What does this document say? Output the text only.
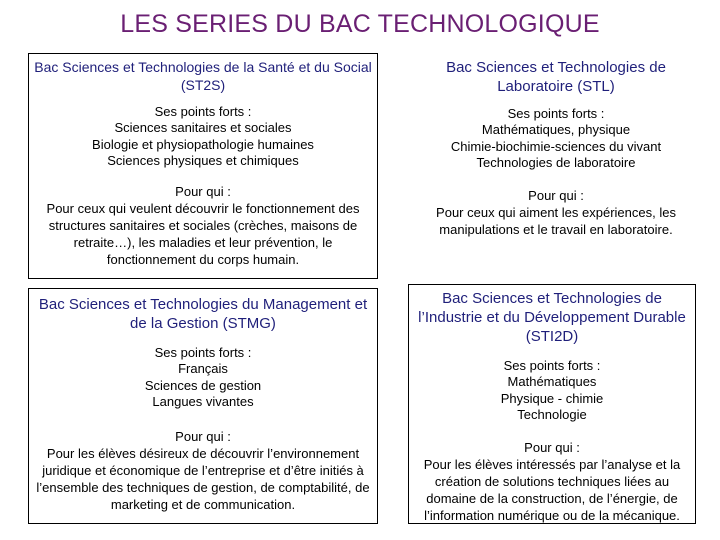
LES SERIES DU BAC TECHNOLOGIQUE
Bac Sciences et Technologies de la Santé et du Social (ST2S)
Ses points forts :
Sciences sanitaires et sociales
Biologie et physiopathologie humaines
Sciences physiques et chimiques
Pour qui :
Pour ceux qui veulent découvrir le fonctionnement des structures sanitaires et sociales (crèches, maisons de retraite…), les maladies et leur prévention, le fonctionnement du corps humain.
Bac Sciences et Technologies de Laboratoire (STL)
Ses points forts :
Mathématiques, physique
Chimie-biochimie-sciences du vivant
Technologies de laboratoire
Pour qui :
Pour ceux qui aiment les expériences, les manipulations et le travail en laboratoire.
Bac Sciences et Technologies du Management et de la Gestion (STMG)
Ses points forts :
Français
Sciences de gestion
Langues vivantes
Pour qui :
Pour les élèves désireux de découvrir l’environnement juridique et économique de l’entreprise et d’être initiés à l’ensemble des techniques de gestion, de comptabilité, de marketing et de communication.
Bac Sciences et Technologies de l’Industrie et du Développement Durable (STI2D)
Ses points forts :
Mathématiques
Physique - chimie
Technologie
Pour qui :
Pour les élèves intéressés par l’analyse et la création de solutions techniques liées au domaine de la construction, de l’énergie, de l’information numérique ou de la mécanique.
